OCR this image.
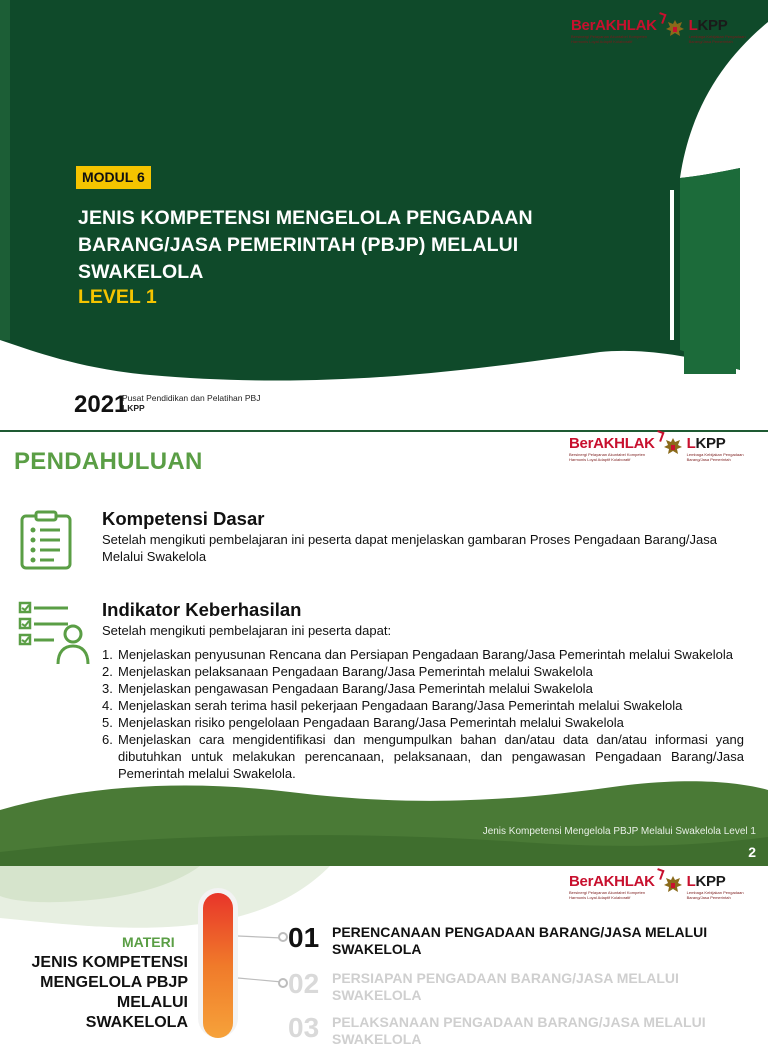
BerAKHLAK
Bersinergi Pelayanan Akuntabel Kompeten Harmonis Loyal Adaptif Kolaboratif
LKPP
Lembaga Kebijakan Pengadaan Barang/Jasa Pemerintah
MODUL 6
JENIS KOMPETENSI MENGELOLA PENGADAAN
BARANG/JASA PEMERINTAH (PBJP) MELALUI
SWAKELOLA
LEVEL 1
2021
Pusat Pendidikan dan Pelatihan PBJ
LKPP
PENDAHULUAN
BerAKHLAK
Bersinergi Pelayanan Akuntabel Kompeten Harmonis Loyal Adaptif Kolaboratif
LKPP
Lembaga Kebijakan Pengadaan Barang/Jasa Pemerintah
Kompetensi Dasar
Setelah mengikuti pembelajaran ini peserta dapat menjelaskan gambaran Proses Pengadaan Barang/Jasa Melalui Swakelola
Indikator Keberhasilan
Setelah mengikuti pembelajaran ini peserta dapat:
1. Menjelaskan penyusunan Rencana dan Persiapan Pengadaan Barang/Jasa Pemerintah melalui Swakelola
2. Menjelaskan pelaksanaan Pengadaan Barang/Jasa Pemerintah melalui Swakelola
3. Menjelaskan pengawasan Pengadaan Barang/Jasa Pemerintah melalui Swakelola
4. Menjelaskan serah terima hasil pekerjaan Pengadaan Barang/Jasa Pemerintah melalui Swakelola
5. Menjelaskan risiko pengelolaan Pengadaan Barang/Jasa Pemerintah melalui Swakelola
6. Menjelaskan cara mengidentifikasi dan mengumpulkan bahan dan/atau data dan/atau informasi yang dibutuhkan untuk melakukan perencanaan, pelaksanaan, dan pengawasan Pengadaan Barang/Jasa Pemerintah melalui Swakelola.
Jenis Kompetensi Mengelola PBJP Melalui Swakelola Level 1
2
BerAKHLAK
Bersinergi Pelayanan Akuntabel Kompeten Harmonis Loyal Adaptif Kolaboratif
LKPP
Lembaga Kebijakan Pengadaan Barang/Jasa Pemerintah
MATERI
JENIS KOMPETENSI
MENGELOLA PBJP
MELALUI
SWAKELOLA
01 PERENCANAAN PENGADAAN BARANG/JASA MELALUI
SWAKELOLA
02 PERSIAPAN PENGADAAN BARANG/JASA MELALUI
SWAKELOLA
03 PELAKSANAAN PENGADAAN BARANG/JASA MELALUI
SWAKELOLA
